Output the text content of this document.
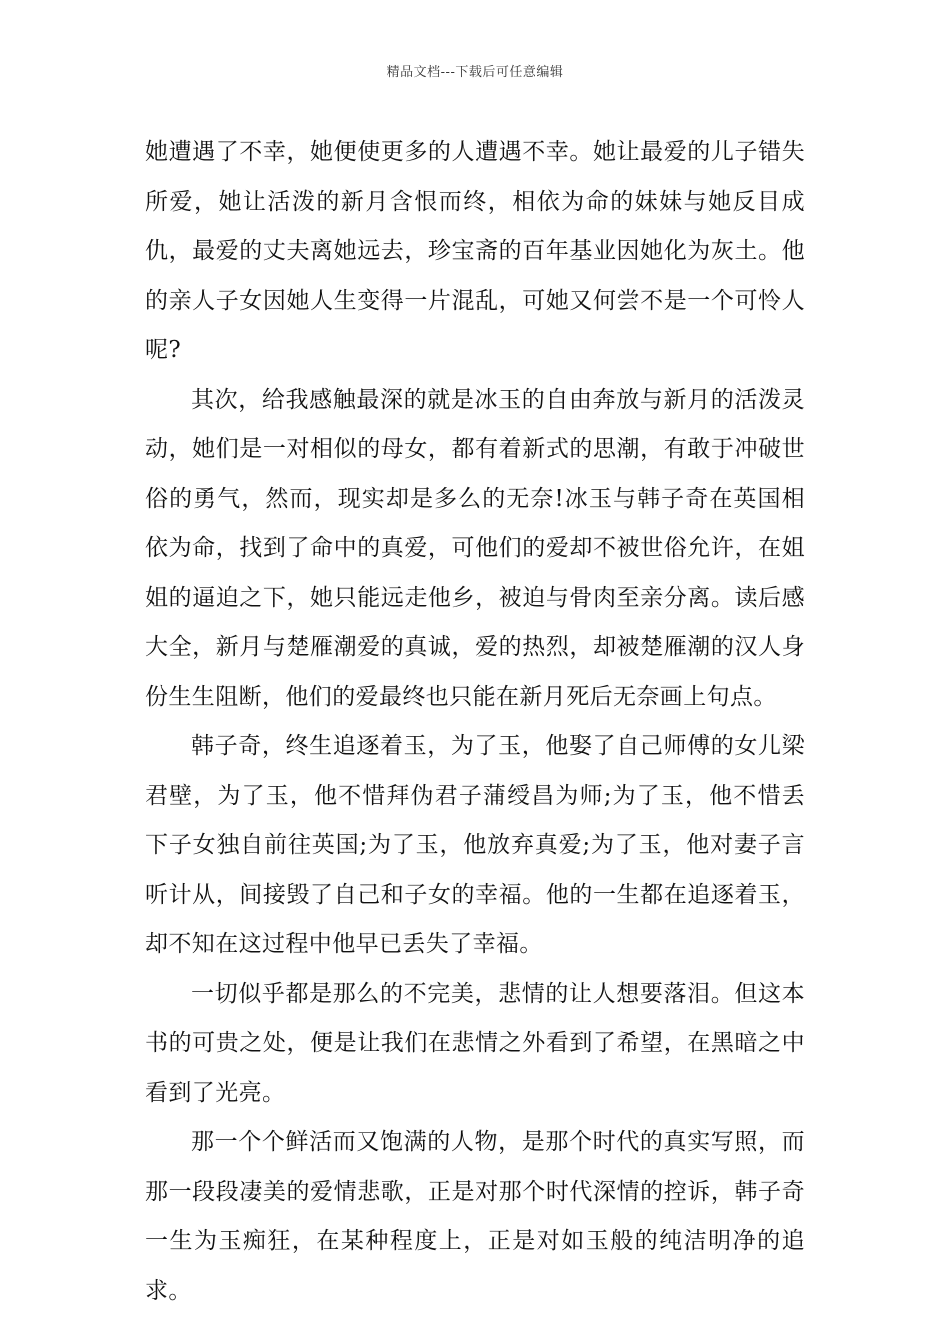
精品文档---下载后可任意编辑

她遭遇了不幸，她便使更多的人遭遇不幸。她让最爱的儿子错失所爱，她让活泼的新月含恨而终，相依为命的妹妹与她反目成仇，最爱的丈夫离她远去，珍宝斋的百年基业因她化为灰土。他的亲人子女因她人生变得一片混乱，可她又何尝不是一个可怜人呢?

其次，给我感触最深的就是冰玉的自由奔放与新月的活泼灵动，她们是一对相似的母女，都有着新式的思潮，有敢于冲破世俗的勇气，然而，现实却是多么的无奈!冰玉与韩子奇在英国相依为命，找到了命中的真爱，可他们的爱却不被世俗允许，在姐姐的逼迫之下，她只能远走他乡，被迫与骨肉至亲分离。读后感大全，新月与楚雁潮爱的真诚，爱的热烈，却被楚雁潮的汉人身份生生阻断，他们的爱最终也只能在新月死后无奈画上句点。

韩子奇，终生追逐着玉，为了玉，他娶了自己师傅的女儿梁君壁，为了玉，他不惜拜伪君子蒲绶昌为师;为了玉，他不惜丢下子女独自前往英国;为了玉，他放弃真爱;为了玉，他对妻子言听计从，间接毁了自己和子女的幸福。他的一生都在追逐着玉，却不知在这过程中他早已丢失了幸福。

一切似乎都是那么的不完美，悲情的让人想要落泪。但这本书的可贵之处，便是让我们在悲情之外看到了希望，在黑暗之中看到了光亮。

那一个个鲜活而又饱满的人物，是那个时代的真实写照，而那一段段凄美的爱情悲歌，正是对那个时代深情的控诉，韩子奇一生为玉痴狂，在某种程度上，正是对如玉般的纯洁明净的追求。
